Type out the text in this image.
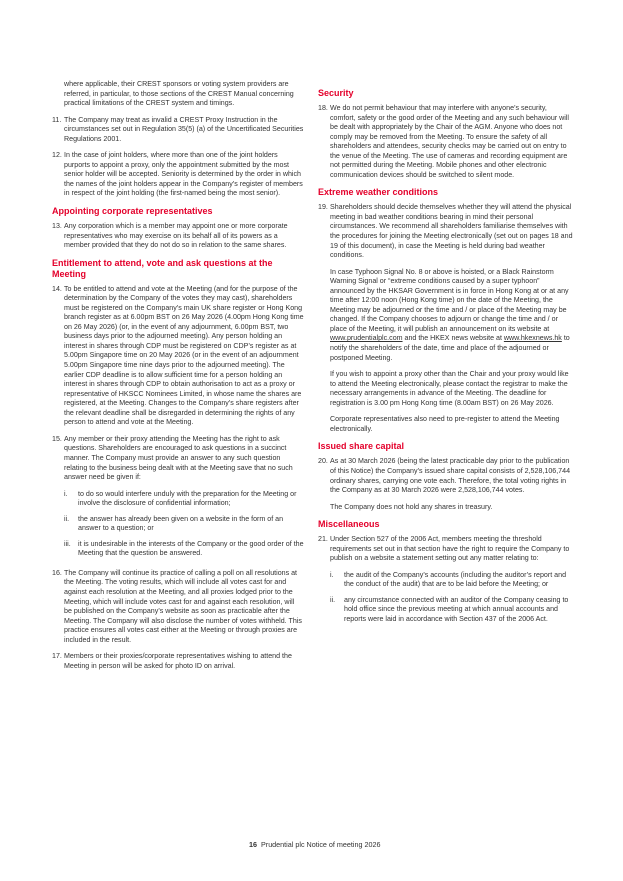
where applicable, their CREST sponsors or voting system providers are referred, in particular, to those sections of the CREST Manual concerning practical limitations of the CREST system and timings.

11. The Company may treat as invalid a CREST Proxy Instruction in the circumstances set out in Regulation 35(5) (a) of the Uncertificated Securities Regulations 2001.
12. In the case of joint holders, where more than one of the joint holders purports to appoint a proxy, only the appointment submitted by the most senior holder will be accepted. Seniority is determined by the order in which the names of the joint holders appear in the Company’s register of members in respect of the joint holding (the first-named being the most senior).
Appointing corporate representatives
13. Any corporation which is a member may appoint one or more corporate representatives who may exercise on its behalf all of its powers as a member provided that they do not do so in relation to the same shares.
Entitlement to attend, vote and ask questions at the Meeting
14. To be entitled to attend and vote at the Meeting (and for the purpose of the determination by the Company of the votes they may cast), shareholders must be registered on the Company’s main UK share register or Hong Kong branch register as at 6.00pm BST on 26 May 2026 (4.00pm Hong Kong time on 26 May 2026) (or, in the event of any adjournment, 6.00pm BST, two business days prior to the adjourned meeting). Any person holding an interest in shares through CDP must be registered on CDP’s register as at 5.00pm Singapore time on 20 May 2026 (or in the event of an adjournment 5.00pm Singapore time nine days prior to the adjourned meeting). The earlier CDP deadline is to allow sufficient time for a person holding an interest in shares through CDP to obtain authorisation to act as a proxy or representative of HKSCC Nominees Limited, in whose name the shares are registered, at the Meeting. Changes to the Company’s share registers after the relevant deadline shall be disregarded in determining the rights of any person to attend and vote at the Meeting.
15. Any member or their proxy attending the Meeting has the right to ask questions. Shareholders are encouraged to ask questions in a succinct manner. The Company must provide an answer to any such question relating to the business being dealt with at the Meeting save that no such answer need be given if:
i.	to do so would interfere unduly with the preparation for the Meeting or involve the disclosure of confidential information;
ii.	the answer has already been given on a website in the form of an answer to a question; or
iii.	it is undesirable in the interests of the Company or the good order of the Meeting that the question be answered.
16. The Company will continue its practice of calling a poll on all resolutions at the Meeting. The voting results, which will include all votes cast for and against each resolution at the Meeting, and all proxies lodged prior to the Meeting, which will include votes cast for and against each resolution, will be published on the Company’s website as soon as practicable after the Meeting. The Company will also disclose the number of votes withheld. This practice ensures all votes cast either at the Meeting or through proxies are included in the result.
17. Members or their proxies/corporate representatives wishing to attend the Meeting in person will be asked for photo ID on arrival.
Security
18. We do not permit behaviour that may interfere with anyone’s security, comfort, safety or the good order of the Meeting and any such behaviour will be dealt with appropriately by the Chair of the AGM. Anyone who does not comply may be removed from the Meeting. To ensure the safety of all shareholders and attendees, security checks may be carried out on entry to the venue of the Meeting. The use of cameras and recording equipment are not permitted during the Meeting. Mobile phones and other electronic communication devices should be switched to silent mode.
Extreme weather conditions
19. Shareholders should decide themselves whether they will attend the physical meeting in bad weather conditions bearing in mind their personal circumstances. We recommend all shareholders familiarise themselves with the procedures for joining the Meeting electronically (set out on pages 18 and 19 of this document), in case the Meeting is held during bad weather conditions.

In case Typhoon Signal No. 8 or above is hoisted, or a Black Rainstorm Warning Signal or “extreme conditions caused by a super typhoon” announced by the HKSAR Government is in force in Hong Kong at or at any time after 12:00 noon (Hong Kong time) on the date of the Meeting, the Meeting may be adjourned or the time and / or place of the Meeting may be changed. If the Company chooses to adjourn or change the time and / or place of the Meeting, it will publish an announcement on its website at www.prudentialplc.com and the HKEX news website at www.hkexnews.hk to notify the shareholders of the date, time and place of the adjourned or postponed Meeting.

If you wish to appoint a proxy other than the Chair and your proxy would like to attend the Meeting electronically, please contact the registrar to make the necessary arrangements in advance of the Meeting. The deadline for registration is 3.00 pm Hong Kong time (8.00am BST) on 26 May 2026.

Corporate representatives also need to pre-register to attend the Meeting electronically.

Issued share capital
20. As at 30 March 2026 (being the latest practicable day prior to the publication of this Notice) the Company’s issued share capital consists of 2,528,106,744 ordinary shares, carrying one vote each. Therefore, the total voting rights in the Company as at 30 March 2026 were 2,528,106,744 votes.

The Company does not hold any shares in treasury.

Miscellaneous
21. Under Section 527 of the 2006 Act, members meeting the threshold requirements set out in that section have the right to require the Company to publish on a website a statement setting out any matter relating to:
i.	the audit of the Company’s accounts (including the auditor’s report and the conduct of the audit) that are to be laid before the Meeting; or
ii.	any circumstance connected with an auditor of the Company ceasing to hold office since the previous meeting at which annual accounts and reports were laid in accordance with Section 437 of the 2006 Act.
16 Prudential plc Notice of meeting 2026
